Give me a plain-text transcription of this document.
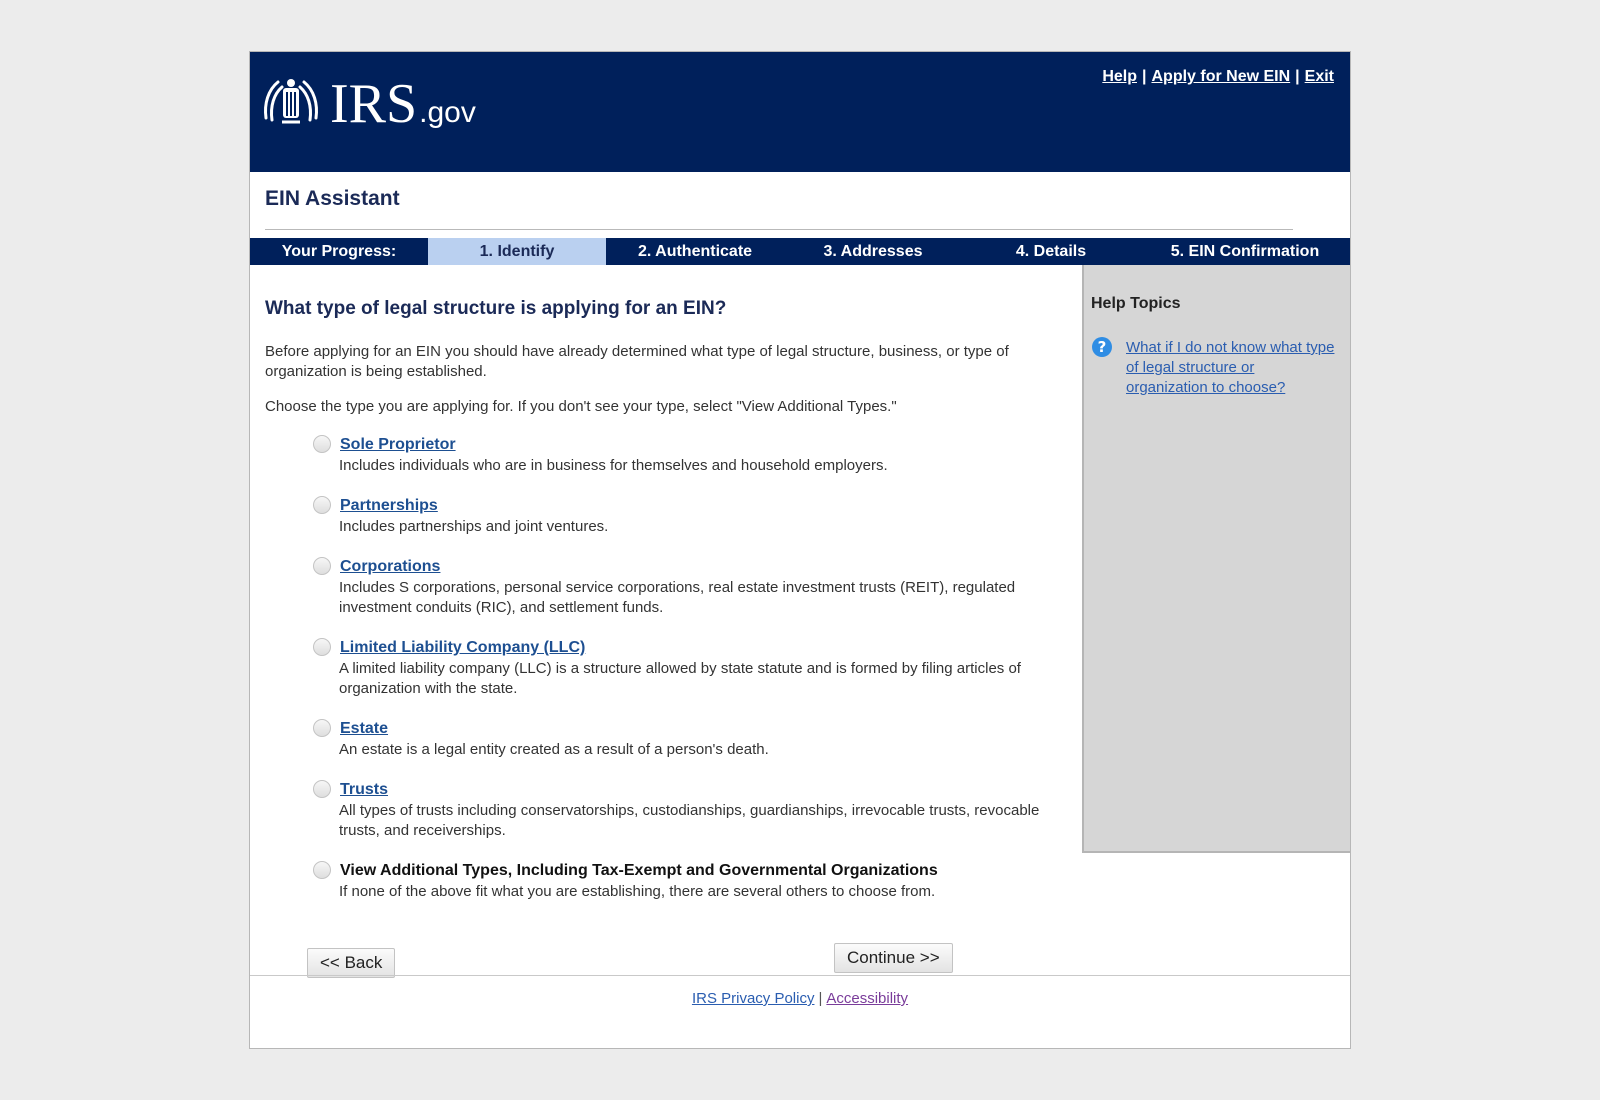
IRS .gov
Help | Apply for New EIN | Exit
EIN Assistant
Your Progress:	1. Identify	2. Authenticate	3. Addresses	4. Details	5. EIN Confirmation
What type of legal structure is applying for an EIN?
Before applying for an EIN you should have already determined what type of legal structure, business, or type of organization is being established.
Choose the type you are applying for. If you don't see your type, select "View Additional Types."
Sole Proprietor
Includes individuals who are in business for themselves and household employers.
Partnerships
Includes partnerships and joint ventures.
Corporations
Includes S corporations, personal service corporations, real estate investment trusts (REIT), regulated investment conduits (RIC), and settlement funds.
Limited Liability Company (LLC)
A limited liability company (LLC) is a structure allowed by state statute and is formed by filing articles of organization with the state.
Estate
An estate is a legal entity created as a result of a person's death.
Trusts
All types of trusts including conservatorships, custodianships, guardianships, irrevocable trusts, revocable trusts, and receiverships.
View Additional Types, Including Tax-Exempt and Governmental Organizations
If none of the above fit what you are establishing, there are several others to choose from.
Help Topics
?	What if I do not know what type of legal structure or organization to choose?
<< Back	Continue >>
IRS Privacy Policy | Accessibility
